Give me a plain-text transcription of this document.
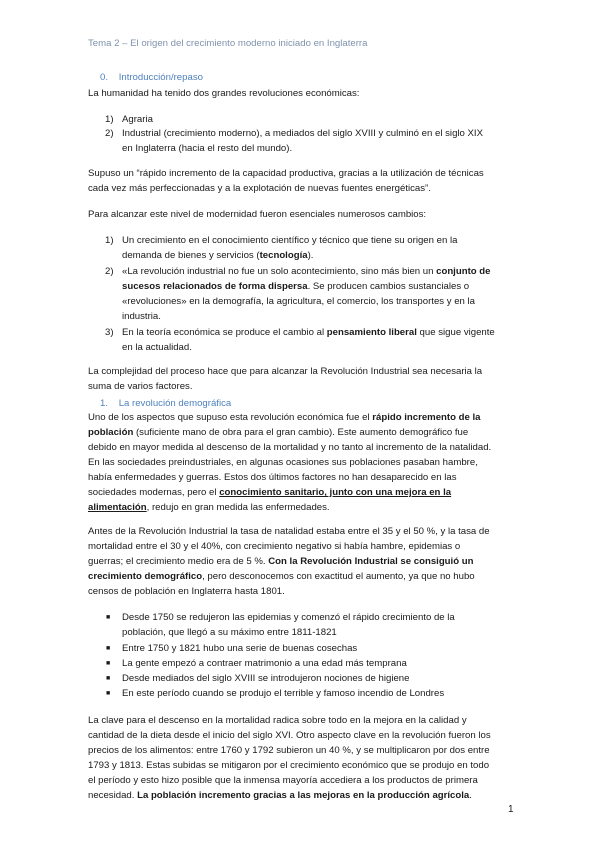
Tema 2 – El origen del crecimiento moderno iniciado en Inglaterra
0. Introducción/repaso
La humanidad ha tenido dos grandes revoluciones económicas:
1) Agraria
2) Industrial (crecimiento moderno), a mediados del siglo XVIII y culminó en el siglo XIX
en Inglaterra (hacia el resto del mundo).
Supuso un “rápido incremento de la capacidad productiva, gracias a la utilización de técnicas
cada vez más perfeccionadas y a la explotación de nuevas fuentes energéticas”.
Para alcanzar este nivel de modernidad fueron esenciales numerosos cambios:
1) Un crecimiento en el conocimiento científico y técnico que tiene su origen en la
demanda de bienes y servicios (tecnología).
2) «La revolución industrial no fue un solo acontecimiento, sino más bien un conjunto de
sucesos relacionados de forma dispersa. Se producen cambios sustanciales o
«revoluciones» en la demografía, la agricultura, el comercio, los transportes y en la
industria.
3) En la teoría económica se produce el cambio al pensamiento liberal que sigue vigente
en la actualidad.
La complejidad del proceso hace que para alcanzar la Revolución Industrial sea necesaria la
suma de varios factores.
1. La revolución demográfica
Uno de los aspectos que supuso esta revolución económica fue el rápido incremento de la
población (suficiente mano de obra para el gran cambio). Este aumento demográfico fue
debido en mayor medida al descenso de la mortalidad y no tanto al incremento de la natalidad.
En las sociedades preindustriales, en algunas ocasiones sus poblaciones pasaban hambre,
había enfermedades y guerras. Estos dos últimos factores no han desaparecido en las
sociedades modernas, pero el conocimiento sanitario, junto con una mejora en la
alimentación, redujo en gran medida las enfermedades.
Antes de la Revolución Industrial la tasa de natalidad estaba entre el 35 y el 50 %, y la tasa de
mortalidad entre el 30 y el 40%, con crecimiento negativo si había hambre, epidemias o
guerras; el crecimiento medio era de 5 %. Con la Revolución Industrial se consiguió un
crecimiento demográfico, pero desconocemos con exactitud el aumento, ya que no hubo
censos de población en Inglaterra hasta 1801.
■	Desde 1750 se redujeron las epidemias y comenzó el rápido crecimiento de la
población, que llegó a su máximo entre 1811-1821
■	Entre 1750 y 1821 hubo una serie de buenas cosechas
■	La gente empezó a contraer matrimonio a una edad más temprana
■	Desde mediados del siglo XVIII se introdujeron nociones de higiene
■	En este período cuando se produjo el terrible y famoso incendio de Londres
La clave para el descenso en la mortalidad radica sobre todo en la mejora en la calidad y
cantidad de la dieta desde el inicio del siglo XVI. Otro aspecto clave en la revolución fueron los
precios de los alimentos: entre 1760 y 1792 subieron un 40 %, y se multiplicaron por dos entre
1793 y 1813. Estas subidas se mitigaron por el crecimiento económico que se produjo en todo
el período y esto hizo posible que la inmensa mayoría accediera a los productos de primera
necesidad. La población incremento gracias a las mejoras en la producción agrícola.
1
